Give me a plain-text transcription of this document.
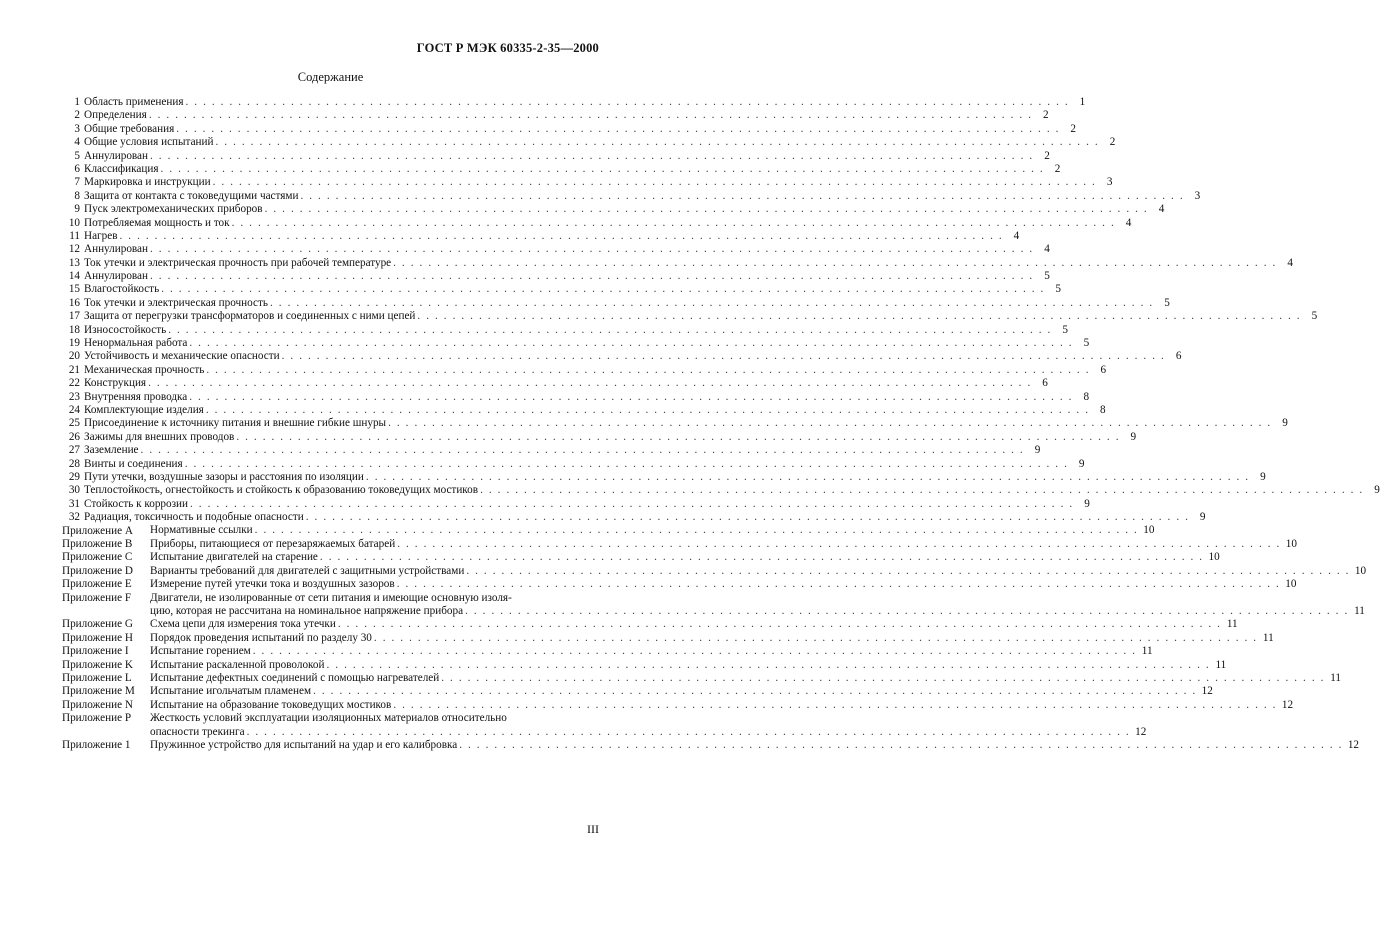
ГОСТ Р МЭК 60335-2-35—2000
Содержание
1 Область применения . . .	1
2 Определения . . .	2
3 Общие требования . . .	2
4 Общие условия испытаний . . .	2
5 Аннулирован . . .	2
6 Классификация . . .	2
7 Маркировка и инструкции . . .	3
8 Защита от контакта с токоведущими частями . . .	3
9 Пуск электромеханических приборов . . .	4
10 Потребляемая мощность и ток . . .	4
11 Нагрев . . .	4
12 Аннулирован . . .	4
13 Ток утечки и электрическая прочность при рабочей температуре . . .	4
14 Аннулирован . . .	5
15 Влагостойкость . . .	5
16 Ток утечки и электрическая прочность . . .	5
17 Защита от перегрузки трансформаторов и соединенных с ними цепей . . .	5
18 Износостойкость . . .	5
19 Ненормальная работа . . .	5
20 Устойчивость и механические опасности . . .	6
21 Механическая прочность . . .	6
22 Конструкция . . .	6
23 Внутренняя проводка . . .	8
24 Комплектующие изделия . . .	8
25 Присоединение к источнику питания и внешние гибкие шнуры . . .	9
26 Зажимы для внешних проводов . . .	9
27 Заземление . . .	9
28 Винты и соединения . . .	9
29 Пути утечки, воздушные зазоры и расстояния по изоляции . . .	9
30 Теплостойкость, огнестойкость и стойкость к образованию токоведущих мостиков . . .	9
31 Стойкость к коррозии . . .	9
32 Радиация, токсичность и подобные опасности . . .	9
Приложение A	Нормативные ссылки . . .	10
Приложение B	Приборы, питающиеся от перезаряжаемых батарей . . .	10
Приложение C	Испытание двигателей на старение . . .	10
Приложение D	Варианты требований для двигателей с защитными устройствами . . .	10
Приложение E	Измерение путей утечки тока и воздушных зазоров . . .	10
Приложение F	Двигатели, не изолированные от сети питания и имеющие основную изоля-
цию, которая не рассчитана на номинальное напряжение прибора . . .	11
Приложение G	Схема цепи для измерения тока утечки . . .	11
Приложение H	Порядок проведения испытаний по разделу 30 . . .	11
Приложение I	Испытание горением . . .	11
Приложение K	Испытание раскаленной проволокой . . .	11
Приложение L	Испытание дефектных соединений с помощью нагревателей . . .	11
Приложение M	Испытание игольчатым пламенем . . .	12
Приложение N	Испытание на образование токоведущих мостиков . . .	12
Приложение P	Жесткость условий эксплуатации изоляционных материалов относительно
опасности трекинга . . .	12
Приложение 1	Пружинное устройство для испытаний на удар и его калибровка . . .	12
III
